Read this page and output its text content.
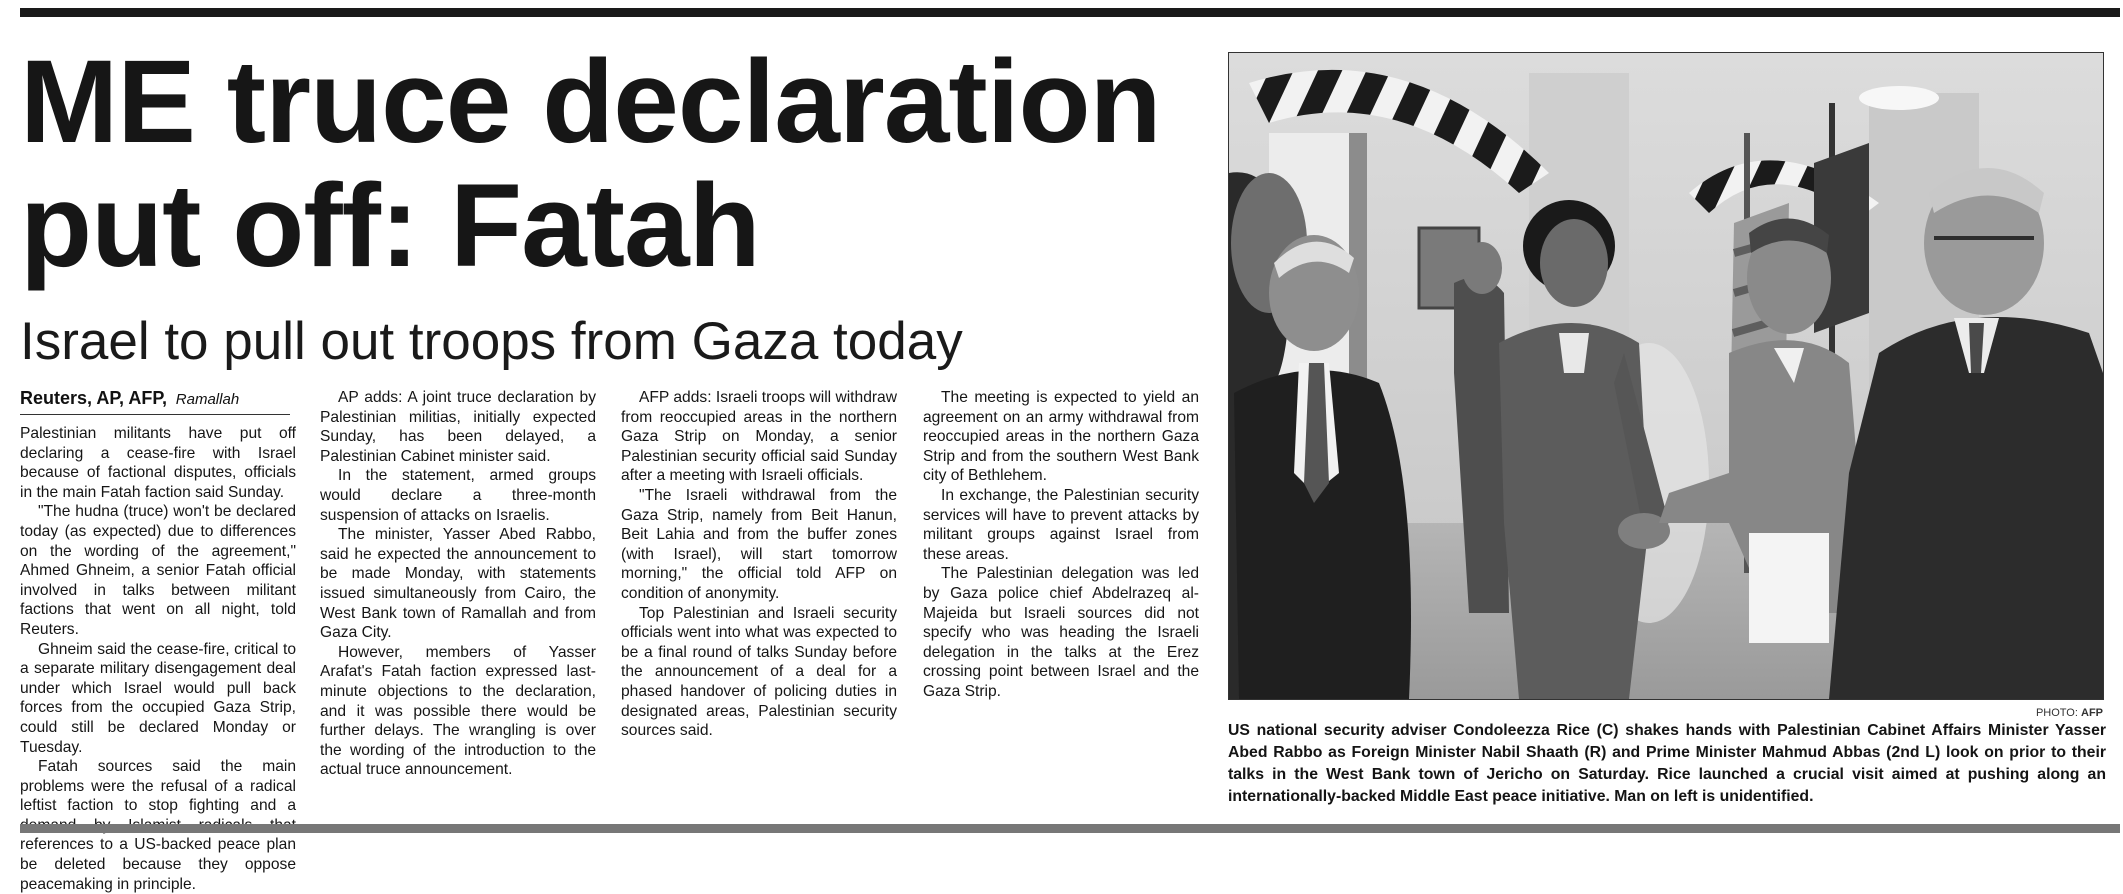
ME truce declaration put off: Fatah
Israel to pull out troops from Gaza today
Reuters, AP, AFP, Ramallah

Palestinian militants have put off declaring a cease-fire with Israel because of factional disputes, officials in the main Fatah faction said Sunday.

"The hudna (truce) won't be declared today (as expected) due to differences on the wording of the agreement," Ahmed Ghneim, a senior Fatah official involved in talks between militant factions that went on all night, told Reuters.

Ghneim said the cease-fire, critical to a separate military disengagement deal under which Israel would pull back forces from the occupied Gaza Strip, could still be declared Monday or Tuesday.

Fatah sources said the main problems were the refusal of a radical leftist faction to stop fighting and a references to a US-backed peace plan be deleted because they oppose peacemaking in principle.

AP adds: A joint truce declaration by Palestinian militias, initially expected Sunday, has been delayed, a Palestinian Cabinet minister said.

In the statement, armed groups would declare a three-month suspension of attacks on Israelis.

The minister, Yasser Abed Rabbo, said he expected the announcement to be made Monday, with statements issued simultaneously from Cairo, the West Bank town of Ramallah and from Gaza City.

However, members of Yasser Arafat's Fatah faction expressed last-minute objections to the declaration, and it was possible there would be further delays. The wrangling is over the wording of the introduction to the actual truce announcement.

AFP adds: Israeli troops will withdraw from reoccupied areas in the northern Gaza Strip on Monday, a senior Palestinian security official said Sunday after a meeting with Israeli officials.

"The Israeli withdrawal from the Gaza Strip, namely from Beit Hanun, Beit Lahia and from the buffer zones (with Israel), will start tomorrow morning," the official told AFP on condition of anonymity.

Top Palestinian and Israeli security officials went into what was expected to be a final round of talks Sunday before the announcement of a deal for a phased handover of policing duties in designated areas, Palestinian security sources said.

The meeting is expected to yield an agreement on an army withdrawal from reoccupied areas in the northern Gaza Strip and from the southern West Bank city of Bethlehem.

In exchange, the Palestinian security services will have to prevent attacks by militant groups against Israel from these areas.

The Palestinian delegation was led by Gaza police chief Abdelrazeq al-Majeida but Israeli sources did not specify who was heading the Israeli delegation in the talks at the Erez crossing point between Israel and the Gaza Strip.

PHOTO: AFP

US national security adviser Condoleezza Rice (C) shakes hands with Palestinian Cabinet Affairs Minister Yasser Abed Rabbo as Foreign Minister Nabil Shaath (R) and Prime Minister Mahmud Abbas (2nd L) look on prior to their talks in the West Bank town of Jericho on Saturday. Rice launched a crucial visit aimed at pushing along an internationally-backed Middle East peace initiative. Man on left is unidentified.
